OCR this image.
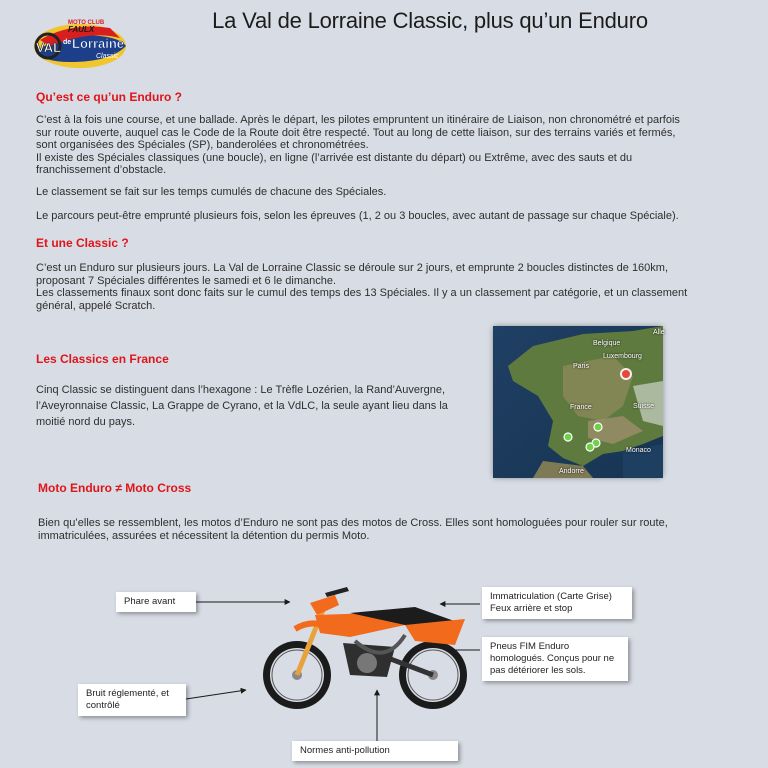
MOTO CLUB
FAULX
VAL de Lorraine
Classic
La Val de Lorraine Classic, plus qu’un Enduro
Qu’est ce qu’un Enduro ?

C’est à la fois une course, et une ballade. Après le départ, les pilotes empruntent un itinéraire de Liaison, non chronométré et parfois

sur route ouverte, auquel cas le Code de la Route doit être respecté. Tout au long de cette liaison, sur des terrains variés et fermés,

sont organisées des Spéciales (SP), banderolées et chronométrées.

Il existe des Spéciales classiques (une boucle), en ligne (l’arrivée est distante du départ) ou Extrême, avec des sauts et du

franchissement d’obstacle.

Le classement se fait sur les temps cumulés de chacune des Spéciales.
Le parcours peut-être emprunté plusieurs fois, selon les épreuves (1, 2 ou 3 boucles, avec autant de passage sur chaque Spéciale).
Et une Classic ?

C’est un Enduro sur plusieurs jours. La Val de Lorraine Classic se déroule sur 2 jours, et emprunte 2 boucles distinctes de 160km,

proposant 7 Spéciales différentes le samedi et 6 le dimanche.

Les classements finaux sont donc faits sur le cumul des temps des 13 Spéciales. Il y a un classement par catégorie, et un classement

général, appelé Scratch.

Les Classics en France

Cinq Classic se distinguent dans l’hexagone : Le Trèfle Lozérien, la Rand’Auvergne,

l’Aveyronnaise Classic, La Grappe de Cyrano, et la VdLC, la seule ayant lieu dans la

moitié nord du pays.

Alle
Belgique
Luxembourg
Paris
France	Suisse
Monaco
Andorre
Moto Enduro ≠ Moto Cross

Bien qu’elles se ressemblent, les motos d’Enduro ne sont pas des motos de Cross. Elles sont homologuées pour rouler sur route,

immatriculées, assurées et nécessitent la détention du permis Moto.

Phare avant	Immatriculation (Carte Grise)
Feux arrière et stop
Pneus FIM Enduro
homologués. Conçus pour ne
pas détériorer les sols.
Bruit réglementé, et
contrôlé
Normes anti-pollution
